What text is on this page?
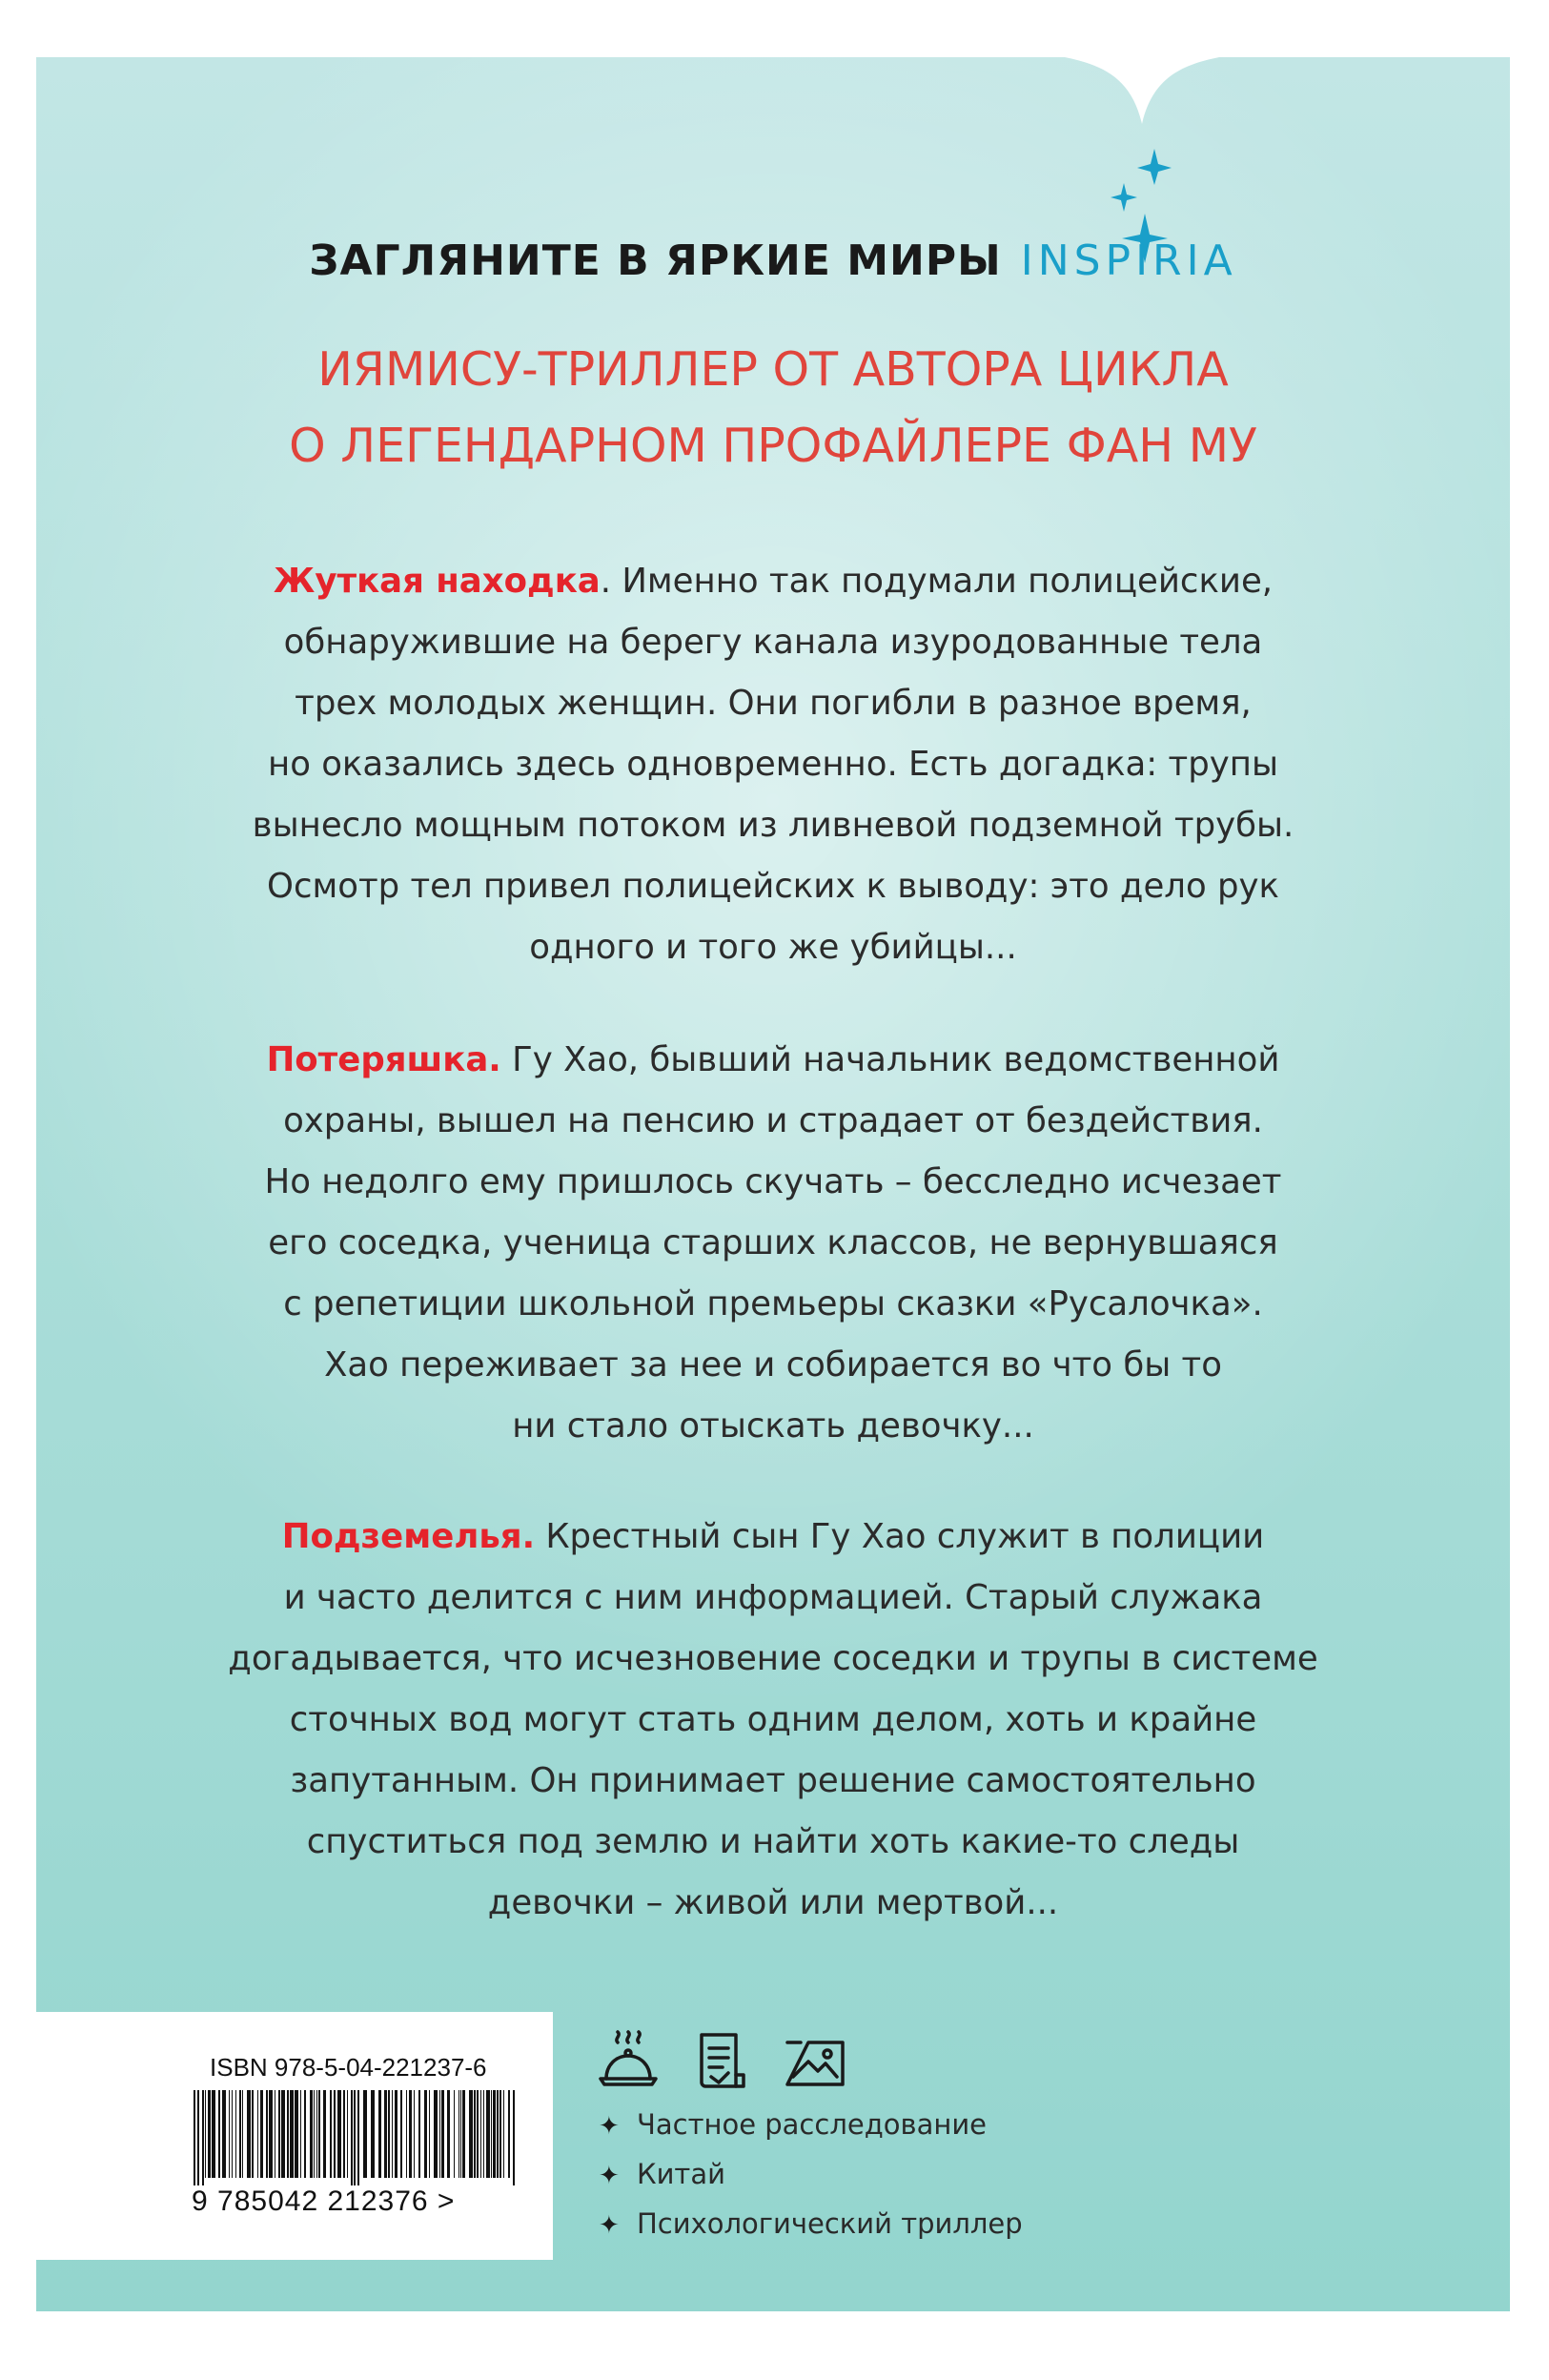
ЗАГЛЯНИТЕ В ЯРКИЕ МИРЫ INSPIRIA
ИЯМИСУ-ТРИЛЛЕР ОТ АВТОРА ЦИКЛА
О ЛЕГЕНДАРНОМ ПРОФАЙЛЕРЕ ФАН МУ
Жуткая находка. Именно так подумали полицейские,
обнаружившие на берегу канала изуродованные тела
трех молодых женщин. Они погибли в разное время,
но оказались здесь одновременно. Есть догадка: трупы
вынесло мощным потоком из ливневой подземной трубы.
Осмотр тел привел полицейских к выводу: это дело рук
одного и того же убийцы...
Потеряшка. Гу Хао, бывший начальник ведомственной
охраны, вышел на пенсию и страдает от бездействия.
Но недолго ему пришлось скучать – бесследно исчезает
его соседка, ученица старших классов, не вернувшаяся
с репетиции школьной премьеры сказки «Русалочка».
Хао переживает за нее и собирается во что бы то
ни стало отыскать девочку...
Подземелья. Крестный сын Гу Хао служит в полиции
и часто делится с ним информацией. Старый служака
догадывается, что исчезновение соседки и трупы в системе
сточных вод могут стать одним делом, хоть и крайне
запутанным. Он принимает решение самостоятельно
спуститься под землю и найти хоть какие-то следы
девочки – живой или мертвой...
ISBN 978-5-04-221237-6
9 785042 212376 >
✦ Частное расследование
✦ Китай
✦ Психологический триллер
